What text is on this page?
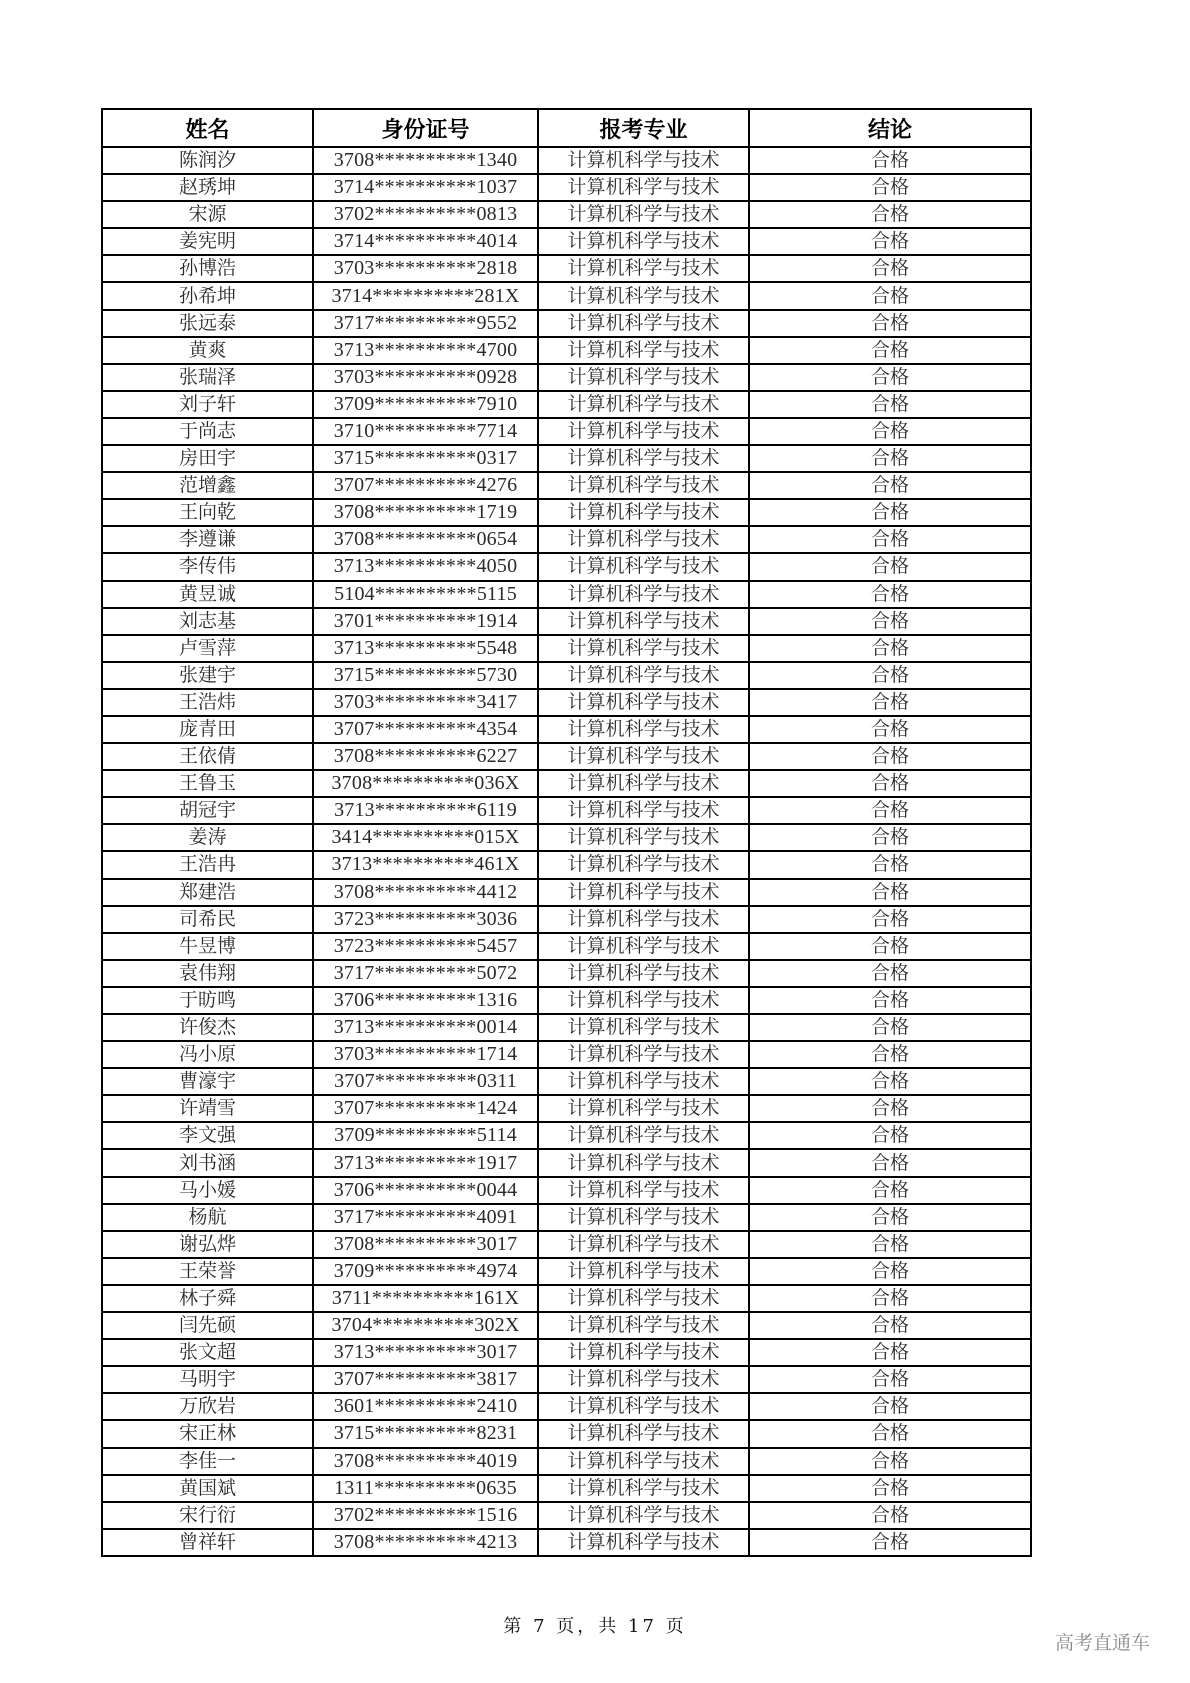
姓名	身份证号	报考专业	结论
陈润汐	3708**********1340	计算机科学与技术	合格
赵琇坤	3714**********1037	计算机科学与技术	合格
宋源	3702**********0813	计算机科学与技术	合格
姜宪明	3714**********4014	计算机科学与技术	合格
孙博浩	3703**********2818	计算机科学与技术	合格
孙希坤	3714**********281X	计算机科学与技术	合格
张远泰	3717**********9552	计算机科学与技术	合格
黄爽	3713**********4700	计算机科学与技术	合格
张瑞泽	3703**********0928	计算机科学与技术	合格
刘子轩	3709**********7910	计算机科学与技术	合格
于尚志	3710**********7714	计算机科学与技术	合格
房田宇	3715**********0317	计算机科学与技术	合格
范增鑫	3707**********4276	计算机科学与技术	合格
王向乾	3708**********1719	计算机科学与技术	合格
李遵谦	3708**********0654	计算机科学与技术	合格
李传伟	3713**********4050	计算机科学与技术	合格
黄昱诚	5104**********5115	计算机科学与技术	合格
刘志基	3701**********1914	计算机科学与技术	合格
卢雪萍	3713**********5548	计算机科学与技术	合格
张建宇	3715**********5730	计算机科学与技术	合格
王浩炜	3703**********3417	计算机科学与技术	合格
庞青田	3707**********4354	计算机科学与技术	合格
王依倩	3708**********6227	计算机科学与技术	合格
王鲁玉	3708**********036X	计算机科学与技术	合格
胡冠宇	3713**********6119	计算机科学与技术	合格
姜涛	3414**********015X	计算机科学与技术	合格
王浩冉	3713**********461X	计算机科学与技术	合格
郑建浩	3708**********4412	计算机科学与技术	合格
司希民	3723**********3036	计算机科学与技术	合格
牛昱博	3723**********5457	计算机科学与技术	合格
袁伟翔	3717**********5072	计算机科学与技术	合格
于昉鸣	3706**********1316	计算机科学与技术	合格
许俊杰	3713**********0014	计算机科学与技术	合格
冯小原	3703**********1714	计算机科学与技术	合格
曹濠宇	3707**********0311	计算机科学与技术	合格
许靖雪	3707**********1424	计算机科学与技术	合格
李文强	3709**********5114	计算机科学与技术	合格
刘书涵	3713**********1917	计算机科学与技术	合格
马小媛	3706**********0044	计算机科学与技术	合格
杨航	3717**********4091	计算机科学与技术	合格
谢弘烨	3708**********3017	计算机科学与技术	合格
王荣誉	3709**********4974	计算机科学与技术	合格
林子舜	3711**********161X	计算机科学与技术	合格
闫先硕	3704**********302X	计算机科学与技术	合格
张文超	3713**********3017	计算机科学与技术	合格
马明宇	3707**********3817	计算机科学与技术	合格
万欣岩	3601**********2410	计算机科学与技术	合格
宋正林	3715**********8231	计算机科学与技术	合格
李佳一	3708**********4019	计算机科学与技术	合格
黄国斌	1311**********0635	计算机科学与技术	合格
宋行衍	3702**********1516	计算机科学与技术	合格
曾祥轩	3708**********4213	计算机科学与技术	合格
第 7 页，共 17 页
高考直通车
